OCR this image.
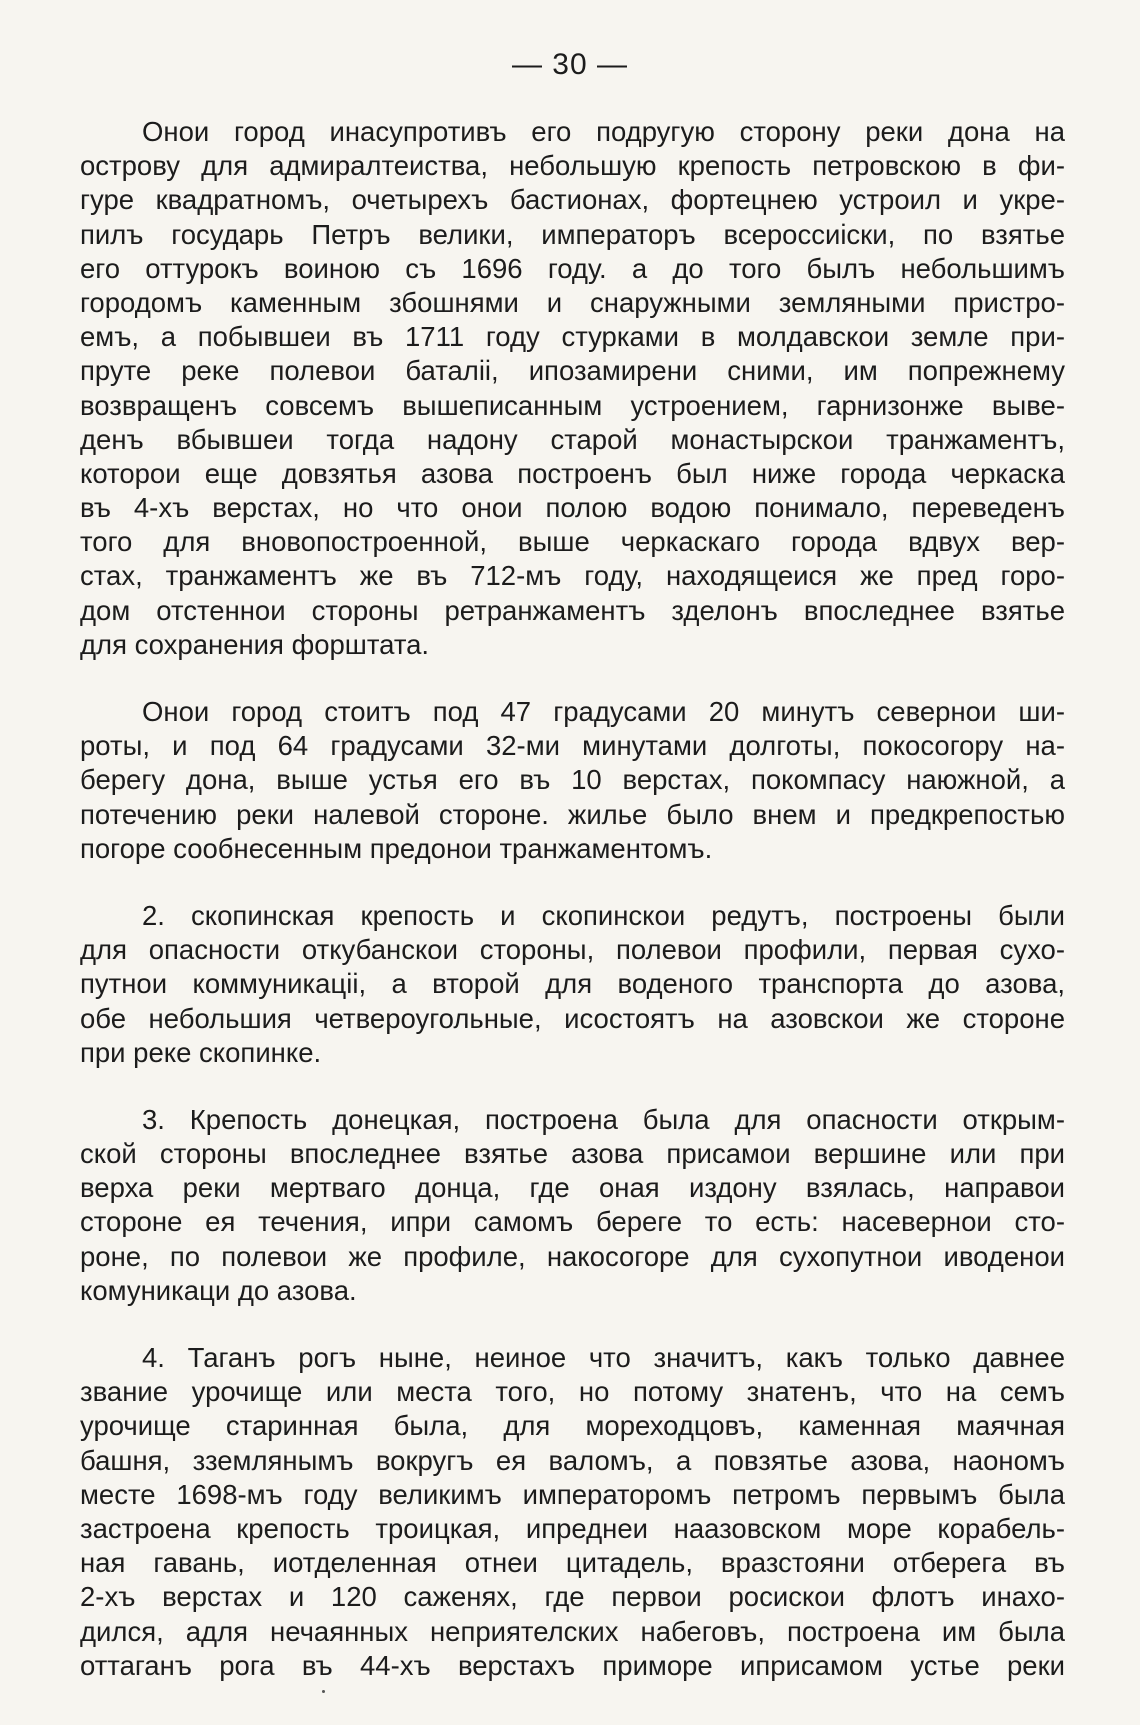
— 30 —
Онои город инасупротивъ его подругую сторону реки дона на
острову для адмиралтеиства, небольшую крепость петровскою в фи-
гуре квадратномъ, очетырехъ бастионах, фортецнею устроил и укре-
пилъ государь Петръ велики, императоръ всероссиіски, по взятье
его оттурокъ воиною съ 1696 году. а до того былъ небольшимъ
городомъ каменным збошнями и снаружными земляными пристро-
емъ, а побывшеи въ 1711 году стурками в молдавскои земле при-
пруте реке полевои баталіі, ипозамирени сними, им попрежнему
возвращенъ совсемъ вышеписанным устроением, гарнизонже выве-
денъ вбывшеи тогда надону старой монастырскои транжаментъ,
которои еще довзятья азова построенъ был ниже города черкаска
въ 4-хъ верстах, но что онои полою водою понимало, переведенъ
того для вновопостроенной, выше черкаскаго города вдвух вер-
стах, транжаментъ же въ 712-мъ году, находящеися же пред горо-
дом отстеннои стороны ретранжаментъ зделонъ впоследнее взятье
для сохранения форштата.
Онои город стоитъ под 47 градусами 20 минутъ севернои ши-
роты, и под 64 градусами 32-ми минутами долготы, покосогору на-
берегу дона, выше устья его въ 10 верстах, покомпасу наюжной, а
потечению реки налевой стороне. жилье было внем и предкрепостью
погоре сообнесенным предонои транжаментомъ.
2. скопинская крепость и скопинскои редутъ, построены были
для опасности откубанскои стороны, полевои профили, первая сухо-
путнои коммуникаціі, а второй для воденого транспорта до азова,
обе небольшия четвероугольные, исостоятъ на азовскои же стороне
при реке скопинке.
3. Крепость донецкая, построена была для опасности открым-
ской стороны впоследнее взятье азова присамои вершине или при
верха реки мертваго донца, где оная издону взялась, направои
стороне ея течения, ипри самомъ береге то есть: насевернои сто-
роне, по полевои же профиле, накосогоре для сухопутнои иводенои
комуникаци до азова.
4. Таганъ рогъ ныне, неиное что значитъ, какъ только давнее
звание урочище или места того, но потому знатенъ, что на семъ
урочище старинная была, для мореходцовъ, каменная маячная
башня, зземлянымъ вокругъ ея валомъ, а повзятье азова, наономъ
месте 1698-мъ году великимъ императоромъ петромъ первымъ была
застроена крепость троицкая, ипреднеи наазовском море корабель-
ная гавань, иотделенная отнеи цитадель, вразстояни отберега въ
2-хъ верстах и 120 саженях, где первои росискои флотъ инахо-
дился, адля нечаянных неприятелских набеговъ, построена им была
оттаганъ рога въ 44-хъ верстахъ приморе иприсамом устье реки
